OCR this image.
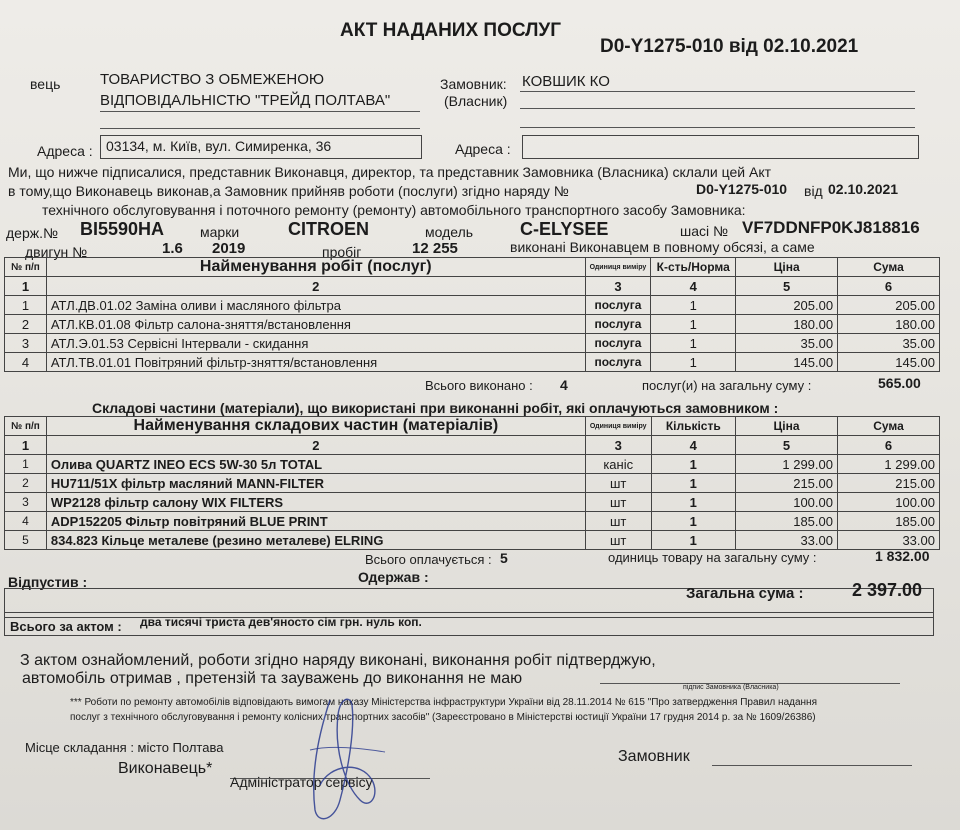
АКТ НАДАНИХ ПОСЛУГ
D0-Y1275-010 від 02.10.2021
вець	ТОВАРИСТВО З ОБМЕЖЕНОЮ
ВІДПОВІДАЛЬНІСТЮ "ТРЕЙД ПОЛТАВА"
Адреса : 03134, м. Київ, вул. Симиренка, 36
Замовник:
(Власник)
КОВШИК КО
Адреса :
Ми, що нижче підписалися, представник Виконавця, директор, та представник Замовника (Власника) склали цей Акт
в тому,що Виконавець виконав,а Замовник прийняв роботи (послуги) згідно наряду №	D0-Y1275-010 від 02.10.2021
технічного обслуговування і поточного ремонту (ремонту) автомобільного транспортного засобу Замовника:
держ.№ ВІ5590НА	марки	CITROEN	модель	C-ELYSEE	шасі № VF7DDNFP0KJ818816
двигун №	1.6 2019	пробіг	12 255	виконані Виконавцем в повному обсязі, а саме
№ п/п	Найменування робіт (послуг)	Одиниця виміру	К-сть/Норма	Ціна	Сума
1	2	3	4	5	6
1	АТЛ.ДВ.01.02 Заміна оливи і масляного фільтра	послуга	1	205.00	205.00
2	АТЛ.КВ.01.08 Фільтр салона-зняття/встановлення	послуга	1	180.00	180.00
3	АТЛ.Э.01.53 Сервісні Інтервали - скидання	послуга	1	35.00	35.00
4	АТЛ.ТВ.01.01 Повітряний фільтр-зняття/встановлення	послуга	1	145.00	145.00
Всього виконано : 4	послуг(и) на загальну суму :	565.00
Складові частини (матеріали), що використані при виконанні робіт, які оплачуються замовником :
№ п/п	Найменування складових частин (матеріалів)	Одиниця виміру	Кількість	Ціна	Сума
1	2	3	4	5	6
1	Олива QUARTZ INEO ECS 5W-30 5л TOTAL	каніс	1	1 299.00	1 299.00
2	HU711/51X фільтр масляний MANN-FILTER	шт	1	215.00	215.00
3	WP2128 фільтр салону WIX FILTERS	шт	1	100.00	100.00
4	ADP152205 Фільтр повітряний BLUE PRINT	шт	1	185.00	185.00
5	834.823 Кільце металеве (резино металеве) ELRING	шт	1	33.00	33.00
Всього оплачується : 5	одиниць товару на загальну суму :	1 832.00
Відпустив :	Одержав :
Загальна сума :	2 397.00
Всього за актом : два тисячі триста дев'яносто сім грн. нуль коп.
З актом ознайомлений, роботи згідно наряду виконані, виконання робіт підтверджую,
автомобіль отримав , претензій та зауважень до виконання не маю
підпис Замовника (Власника)
*** Роботи по ремонту автомобілів відповідають вимогам наказу Міністерства інфраструктури України від 28.11.2014 № 615 "Про затвердження Правил надання
послуг з технічного обслуговування і ремонту колісних транспортних засобів" (Зареєстровано в Міністерстві юстиції України 17 грудня 2014 р. за № 1609/26386)
Місце складання : місто Полтава
Виконавець*
Адміністратор сервісу
Замовник
